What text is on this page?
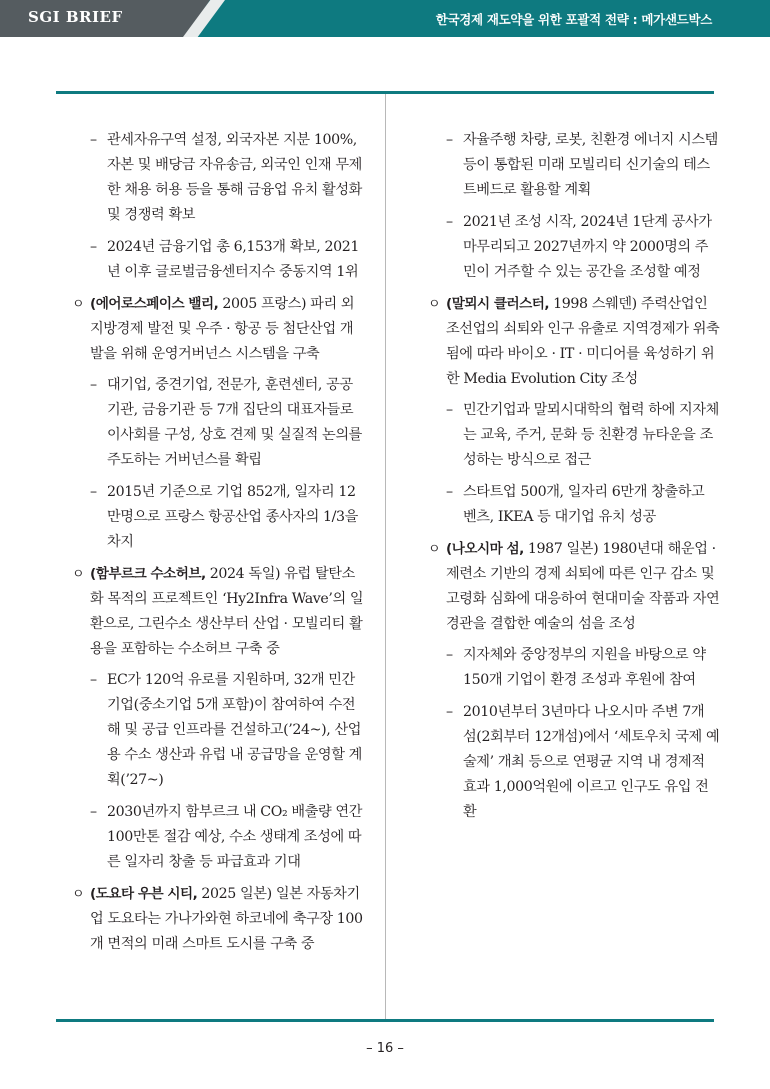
SGI BRIEF	한국경제 재도약을 위한 포괄적 전략 : 메가샌드박스
– 관세자유구역 설정, 외국자본 지분 100%, 자본 및 배당금 자유송금, 외국인 인재 무제한 채용 허용 등을 통해 금융업 유치 활성화 및 경쟁력 확보
– 2024년 금융기업 총 6,153개 확보, 2021년 이후 글로벌금융센터지수 중동지역 1위
ㅇ (에어로스페이스 밸리, 2005 프랑스) 파리 외 지방경제 발전 및 우주 · 항공 등 첨단산업 개발을 위해 운영거버넌스 시스템을 구축
– 대기업, 중견기업, 전문가, 훈련센터, 공공기관, 금융기관 등 7개 집단의 대표자들로 이사회를 구성, 상호 견제 및 실질적 논의를 주도하는 거버넌스를 확립
– 2015년 기준으로 기업 852개, 일자리 12만명으로 프랑스 항공산업 종사자의 1/3을 차지
ㅇ (함부르크 수소허브, 2024 독일) 유럽 탈탄소화 목적의 프로젝트인 ‘Hy2Infra Wave’의 일환으로, 그린수소 생산부터 산업 · 모빌리티 활용을 포함하는 수소허브 구축 중
– EC가 120억 유로를 지원하며, 32개 민간기업(중소기업 5개 포함)이 참여하여 수전해 및 공급 인프라를 건설하고(’24~), 산업용 수소 생산과 유럽 내 공급망을 운영할 계획(’27~)
– 2030년까지 함부르크 내 CO₂ 배출량 연간 100만톤 절감 예상, 수소 생태계 조성에 따른 일자리 창출 등 파급효과 기대
ㅇ (도요타 우븐 시티, 2025 일본) 일본 자동차기업 도요타는 가나가와현 하코네에 축구장 100개 면적의 미래 스마트 도시를 구축 중
– 자율주행 차량, 로봇, 친환경 에너지 시스템 등이 통합된 미래 모빌리티 신기술의 테스트베드로 활용할 계획
– 2021년 조성 시작, 2024년 1단계 공사가 마무리되고 2027년까지 약 2000명의 주민이 거주할 수 있는 공간을 조성할 예정
ㅇ (말뫼시 클러스터, 1998 스웨덴) 주력산업인 조선업의 쇠퇴와 인구 유출로 지역경제가 위축됨에 따라 바이오 · IT · 미디어를 육성하기 위한 Media Evolution City 조성
– 민간기업과 말뫼시대학의 협력 하에 지자체는 교육, 주거, 문화 등 친환경 뉴타운을 조성하는 방식으로 접근
– 스타트업 500개, 일자리 6만개 창출하고 벤츠, IKEA 등 대기업 유치 성공
ㅇ (나오시마 섬, 1987 일본) 1980년대 해운업 · 제련소 기반의 경제 쇠퇴에 따른 인구 감소 및 고령화 심화에 대응하여 현대미술 작품과 자연 경관을 결합한 예술의 섬을 조성
– 지자체와 중앙정부의 지원을 바탕으로 약 150개 기업이 환경 조성과 후원에 참여
– 2010년부터 3년마다 나오시마 주변 7개 섬(2회부터 12개섬)에서 ‘세토우치 국제 예술제’ 개최 등으로 연평균 지역 내 경제적 효과 1,000억원에 이르고 인구도 유입 전환
– 16 –
